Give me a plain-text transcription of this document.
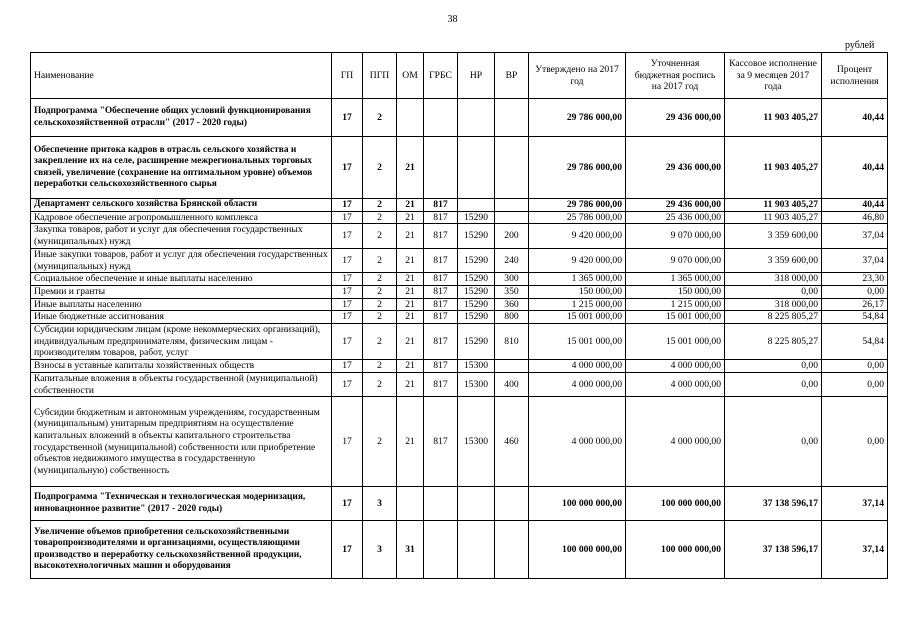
38
рублей
Наименование	ГП	ПГП	ОМ	ГРБС	НР	ВР	Утверждено на 2017 год	Уточненная бюджетная роспись на 2017 год	Кассовое исполнение за 9 месяцев 2017 года	Процент исполнения
Подпрограмма "Обеспечение общих условий функционирования сельскохозяйственной отрасли" (2017 - 2020 годы)	17	2					29 786 000,00	29 436 000,00	11 903 405,27	40,44
Обеспечение притока кадров в отрасль сельского хозяйства и закрепление их на селе, расширение межрегиональных торговых связей, увеличение (сохранение на оптимальном уровне) объемов переработки сельскохозяйственного сырья	17	2	21				29 786 000,00	29 436 000,00	11 903 405,27	40,44
Департамент сельского хозяйства Брянской области	17	2	21	817			29 786 000,00	29 436 000,00	11 903 405,27	40,44
Кадровое обеспечение агропромышленного комплекса	17	2	21	817	15290		25 786 000,00	25 436 000,00	11 903 405,27	46,80
Закупка товаров, работ и услуг для обеспечения государственных (муниципальных) нужд	17	2	21	817	15290	200	9 420 000,00	9 070 000,00	3 359 600,00	37,04
Иные закупки товаров, работ и услуг для обеспечения государственных (муниципальных) нужд	17	2	21	817	15290	240	9 420 000,00	9 070 000,00	3 359 600,00	37,04
Социальное обеспечение и иные выплаты населению	17	2	21	817	15290	300	1 365 000,00	1 365 000,00	318 000,00	23,30
Премии и гранты	17	2	21	817	15290	350	150 000,00	150 000,00	0,00	0,00
Иные выплаты населению	17	2	21	817	15290	360	1 215 000,00	1 215 000,00	318 000,00	26,17
Иные бюджетные ассигнования	17	2	21	817	15290	800	15 001 000,00	15 001 000,00	8 225 805,27	54,84
Субсидии юридическим лицам (кроме некоммерческих организаций), индивидуальным предпринимателям, физическим лицам - производителям товаров, работ, услуг	17	2	21	817	15290	810	15 001 000,00	15 001 000,00	8 225 805,27	54,84
Взносы в уставные капиталы хозяйственных обществ	17	2	21	817	15300		4 000 000,00	4 000 000,00	0,00	0,00
Капитальные вложения в объекты государственной (муниципальной) собственности	17	2	21	817	15300	400	4 000 000,00	4 000 000,00	0,00	0,00
Субсидии бюджетным и автономным учреждениям, государственным (муниципальным) унитарным предприятиям на осуществление капитальных вложений в объекты капитального строительства государственной (муниципальной) собственности или приобретение объектов недвижимого имущества в государственную (муниципальную) собственность	17	2	21	817	15300	460	4 000 000,00	4 000 000,00	0,00	0,00
Подпрограмма "Техническая и технологическая модернизация, инновационное развитие" (2017 - 2020 годы)	17	3					100 000 000,00	100 000 000,00	37 138 596,17	37,14
Увеличение объемов приобретения сельскохозяйственными товаропроизводителями и организациями, осуществляющими производство и переработку сельскохозяйственной продукции, высокотехнологичных машин и оборудования	17	3	31				100 000 000,00	100 000 000,00	37 138 596,17	37,14
